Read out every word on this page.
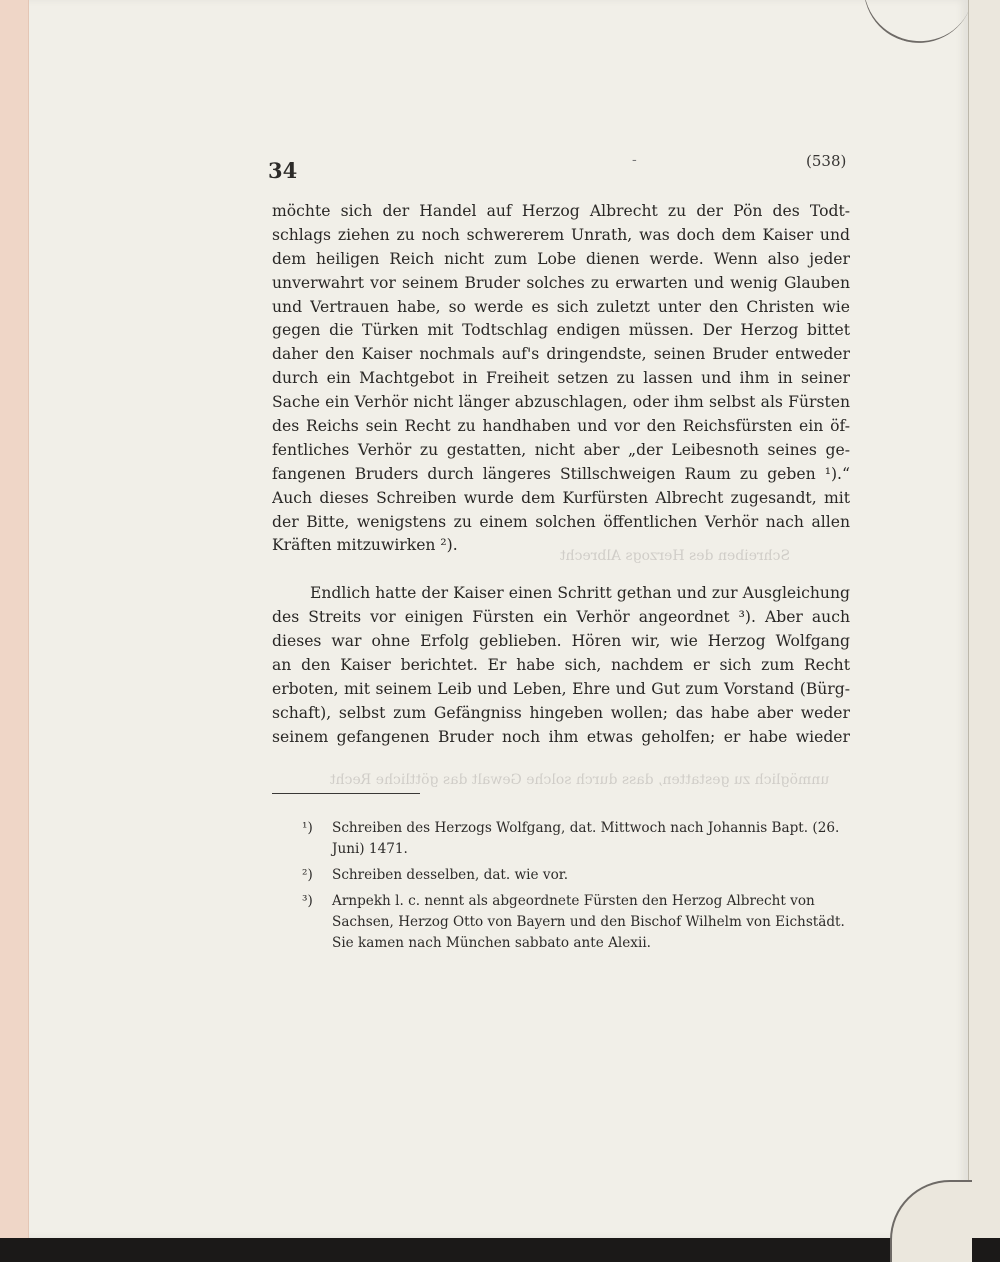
34	-	(538)
Schreiben des Herzogs Albrecht
unmöglich zu gestatten, dass durch solche Gewalt das göttliche Recht
möchte sich der Handel auf Herzog Albrecht zu der Pön des Todt-
schlags ziehen zu noch schwererem Unrath, was doch dem Kaiser und
dem heiligen Reich nicht zum Lobe dienen werde. Wenn also jeder
unverwahrt vor seinem Bruder solches zu erwarten und wenig Glauben
und Vertrauen habe, so werde es sich zuletzt unter den Christen wie
gegen die Türken mit Todtschlag endigen müssen. Der Herzog bittet
daher den Kaiser nochmals auf's dringendste, seinen Bruder entweder
durch ein Machtgebot in Freiheit setzen zu lassen und ihm in seiner
Sache ein Verhör nicht länger abzuschlagen, oder ihm selbst als Fürsten
des Reichs sein Recht zu handhaben und vor den Reichsfürsten ein öf-
fentliches Verhör zu gestatten, nicht aber „der Leibesnoth seines ge-
fangenen Bruders durch längeres Stillschweigen Raum zu geben ¹).“
Auch dieses Schreiben wurde dem Kurfürsten Albrecht zugesandt, mit
der Bitte, wenigstens zu einem solchen öffentlichen Verhör nach allen
Kräften mitzuwirken ²).
Endlich hatte der Kaiser einen Schritt gethan und zur Ausgleichung
des Streits vor einigen Fürsten ein Verhör angeordnet ³). Aber auch
dieses war ohne Erfolg geblieben. Hören wir, wie Herzog Wolfgang
an den Kaiser berichtet. Er habe sich, nachdem er sich zum Recht
erboten, mit seinem Leib und Leben, Ehre und Gut zum Vorstand (Bürg-
schaft), selbst zum Gefängniss hingeben wollen; das habe aber weder
seinem gefangenen Bruder noch ihm etwas geholfen; er habe wieder
¹)	Schreiben des Herzogs Wolfgang, dat. Mittwoch nach Johannis Bapt. (26. Juni) 1471.
²)	Schreiben desselben, dat. wie vor.
³)	Arnpekh l. c. nennt als abgeordnete Fürsten den Herzog Albrecht von Sachsen, Herzog Otto von Bayern und den Bischof Wilhelm von Eichstädt. Sie kamen nach München sabbato ante Alexii.
